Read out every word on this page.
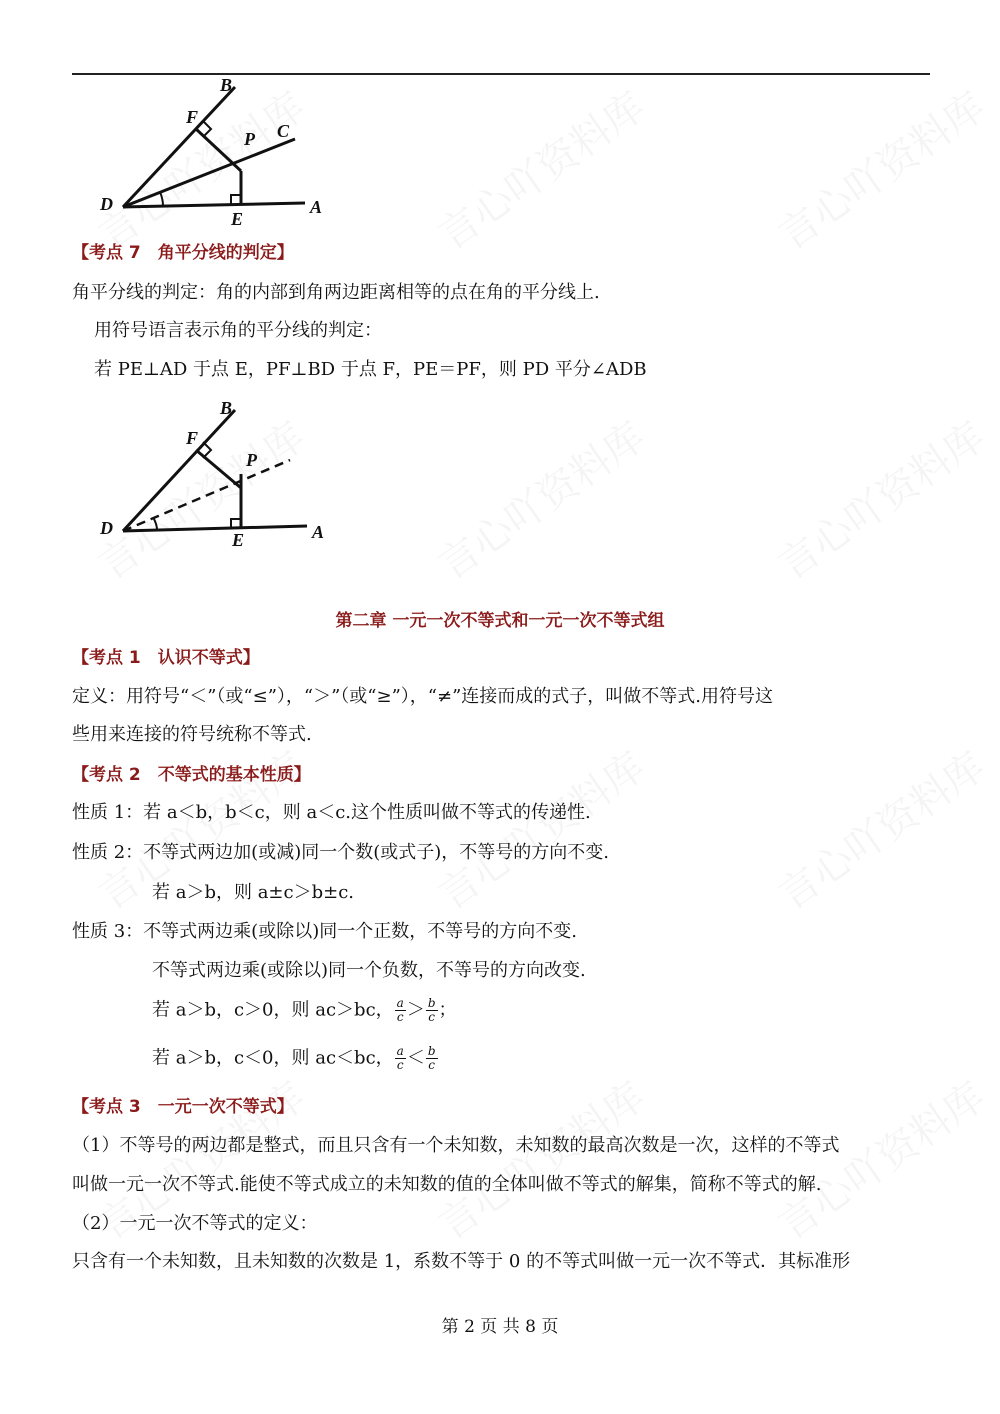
B
F
P C
D
E
A
【考点 7　角平分线的判定】
角平分线的判定：角的内部到角两边距离相等的点在角的平分线上.
用符号语言表示角的平分线的判定：
若 PE⊥AD 于点 E，PF⊥BD 于点 F，PE＝PF，则 PD 平分∠ADB
B
F
P
D
E	A
第二章 一元一次不等式和一元一次不等式组
【考点 1　认识不等式】
定义：用符号“＜”（或“≤”），“＞”（或“≥”），“≠”连接而成的式子，叫做不等式.用符号这
些用来连接的符号统称不等式.
【考点 2　不等式的基本性质】
性质 1：若 a＜b，b＜c，则 a＜c.这个性质叫做不等式的传递性.
性质 2：不等式两边加(或减)同一个数(或式子)，不等号的方向不变.
若 a＞b，则 a±c＞b±c.
性质 3：不等式两边乘(或除以)同一个正数，不等号的方向不变.
不等式两边乘(或除以)同一个负数，不等号的方向改变.
若 a＞b，c＞0，则 ac＞bc， $\frac{a}{c} > \frac{b}{c}$ ；
若 a＞b，c＜0，则 ac＜bc， $\frac{a}{c} < \frac{b}{c}$
【考点 3　一元一次不等式】
（1）不等号的两边都是整式，而且只含有一个未知数，未知数的最高次数是一次，这样的不等式
叫做一元一次不等式.能使不等式成立的未知数的值的全体叫做不等式的解集，简称不等式的解.
（2）一元一次不等式的定义：
只含有一个未知数，且未知数的次数是 1，系数不等于 0 的不等式叫做一元一次不等式．其标准形
第 2 页 共 8 页
